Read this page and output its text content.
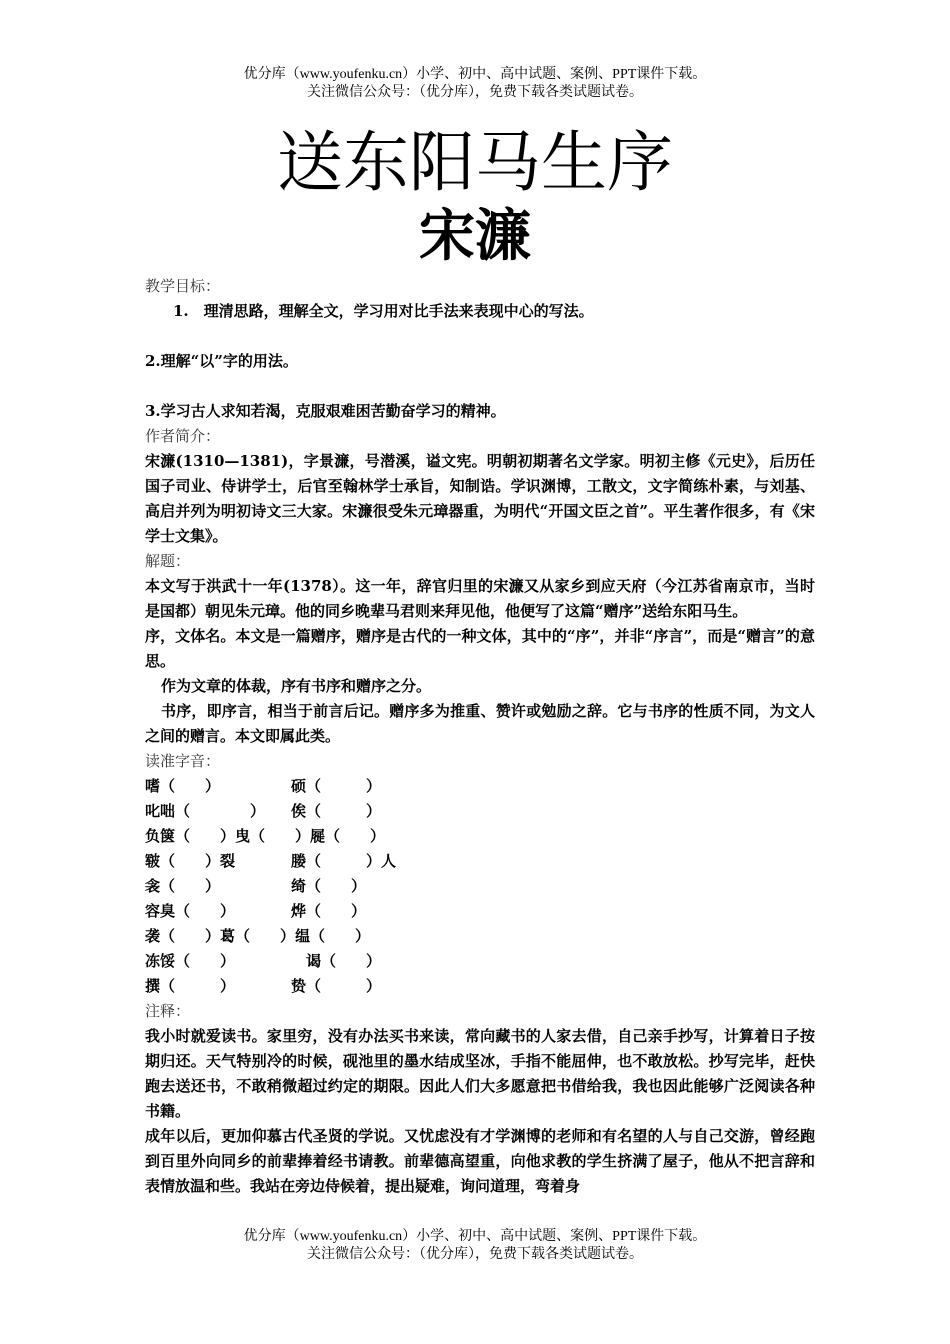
优分库（www.youfenku.cn）小学、初中、高中试题、案例、PPT课件下载。
关注微信公众号：（优分库），免费下载各类试题试卷。
送东阳马生序
宋濂
教学目标：

1.　理清思路，理解全文，学习用对比手法来表现中心的写法。

2.理解“以”字的用法。

3.学习古人求知若渴，克服艰难困苦勤奋学习的精神。

作者简介：

宋濂(1310—1381)，字景濂，号潜溪，谥文宪。明朝初期著名文学家。明初主修《元史》，后历任国子司业、侍讲学士，后官至翰林学士承旨，知制诰。学识渊博，工散文，文字简练朴素，与刘基、高启并列为明初诗文三大家。宋濂很受朱元璋器重，为明代“开国文臣之首”。平生著作很多，有《宋学士文集》。

解题：

本文写于洪武十一年(1378）。这一年，辞官归里的宋濂又从家乡到应天府（今江苏省南京市，当时是国都）朝见朱元璋。他的同乡晚辈马君则来拜见他，他便写了这篇“赠序”送给东阳马生。

序，文体名。本文是一篇赠序，赠序是古代的一种文体，其中的“序”，并非“序言”，而是“赠言”的意思。

作为文章的体裁，序有书序和赠序之分。

书序，即序言，相当于前言后记。赠序多为推重、赞许或勉励之辞。它与书序的性质不同，为文人之间的赠言。本文即属此类。

读准字音：
嗜（　　）	硕（　　　）
叱咄（　　　　） 俟（　　　）
负箧（　　）曳（　　）屣（　　）
皲（　　）裂	媵（　　　）人
衾（　　）	绮（　　）
容臭（　　）	烨（　　）
袭（　　）葛（　　）缊（　　）
冻馁（　　）	　谒（　　）
撰（　　　）	贽（　　　）
注释：

我小时就爱读书。家里穷，没有办法买书来读，常向藏书的人家去借，自己亲手抄写，计算着日子按期归还。天气特别冷的时候，砚池里的墨水结成坚冰，手指不能屈伸，也不敢放松。抄写完毕，赶快跑去送还书，不敢稍微超过约定的期限。因此人们大多愿意把书借给我，我也因此能够广泛阅读各种书籍。

成年以后，更加仰慕古代圣贤的学说。又忧虑没有才学渊博的老师和有名望的人与自己交游，曾经跑到百里外向同乡的前辈捧着经书请教。前辈德高望重，向他求教的学生挤满了屋子，他从不把言辞和表情放温和些。我站在旁边侍候着，提出疑难，询问道理，弯着身

优分库（www.youfenku.cn）小学、初中、高中试题、案例、PPT课件下载。
关注微信公众号：（优分库），免费下载各类试题试卷。
